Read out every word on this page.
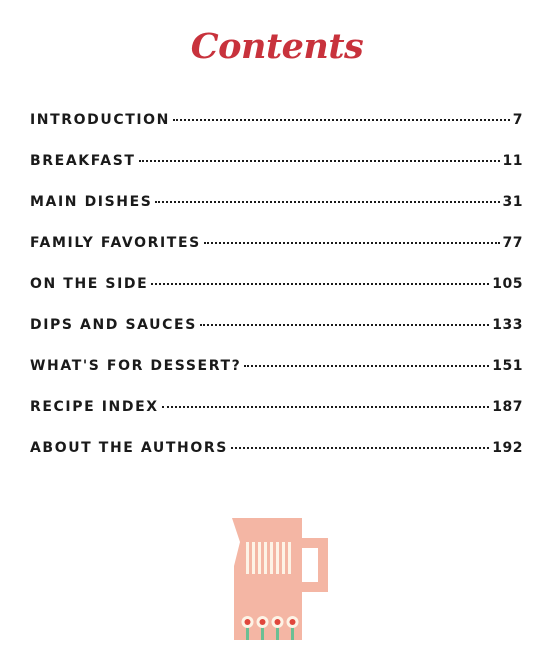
Contents
INTRODUCTION	7
BREAKFAST	11
MAIN DISHES	31
FAMILY FAVORITES	77
ON THE SIDE	105
DIPS AND SAUCES	133
WHAT'S FOR DESSERT?	151
RECIPE INDEX	187
ABOUT THE AUTHORS	192
